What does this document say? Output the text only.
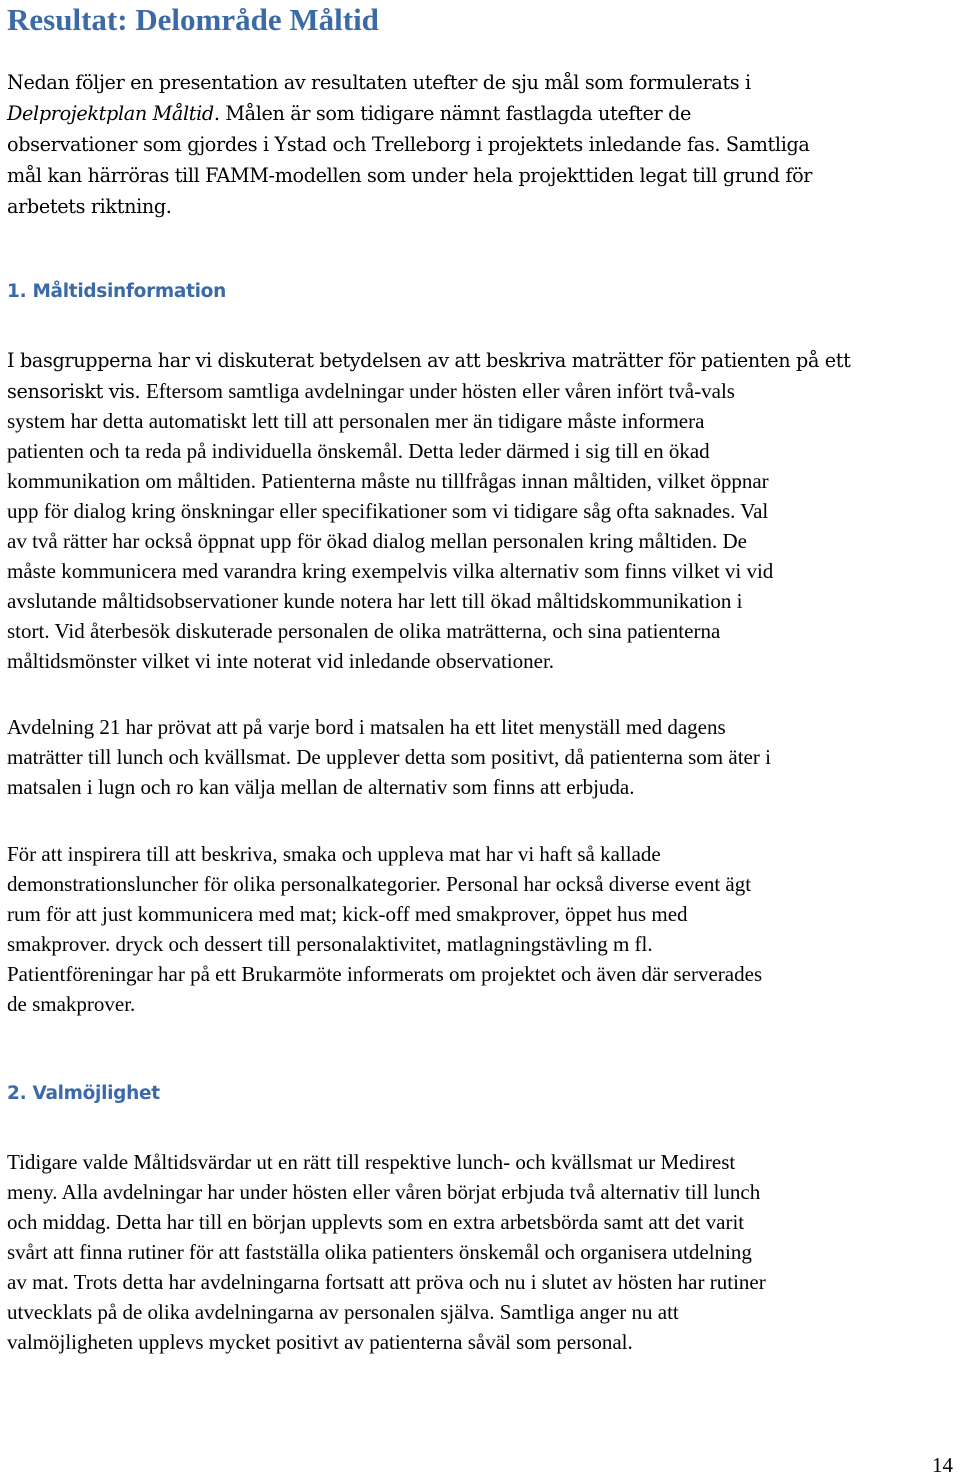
Resultat: Delområde Måltid

Nedan följer en presentation av resultaten utefter de sju mål som formulerats i
Delprojektplan Måltid. Målen är som tidigare nämnt fastlagda utefter de
observationer som gjordes i Ystad och Trelleborg i projektets inledande fas. Samtliga
mål kan härröras till FAMM-modellen som under hela projekttiden legat till grund för
arbetets riktning.

1. Måltidsinformation

I basgrupperna har vi diskuterat betydelsen av att beskriva maträtter för patienten på ett
sensoriskt vis. Eftersom samtliga avdelningar under hösten eller våren infört två-vals

system har detta automatiskt lett till att personalen mer än tidigare måste informera
patienten och ta reda på individuella önskemål. Detta leder därmed i sig till en ökad
kommunikation om måltiden. Patienterna måste nu tillfrågas innan måltiden, vilket öppnar
upp för dialog kring önskningar eller specifikationer som vi tidigare såg ofta saknades. Val
av två rätter har också öppnat upp för ökad dialog mellan personalen kring måltiden. De
måste kommunicera med varandra kring exempelvis vilka alternativ som finns vilket vi vid
avslutande måltidsobservationer kunde notera har lett till ökad måltidskommunikation i
stort. Vid återbesök diskuterade personalen de olika maträtterna, och sina patienterna
måltidsmönster vilket vi inte noterat vid inledande observationer.

Avdelning 21 har prövat att på varje bord i matsalen ha ett litet menyställ med dagens
maträtter till lunch och kvällsmat. De upplever detta som positivt, då patienterna som äter i
matsalen i lugn och ro kan välja mellan de alternativ som finns att erbjuda.

För att inspirera till att beskriva, smaka och uppleva mat har vi haft så kallade
demonstrationsluncher för olika personalkategorier. Personal har också diverse event ägt
rum för att just kommunicera med mat; kick-off med smakprover, öppet hus med
smakprover. dryck och dessert till personalaktivitet, matlagningstävling m fl.
Patientföreningar har på ett Brukarmöte informerats om projektet och även där serverades
de smakprover.

2. Valmöjlighet

Tidigare valde Måltidsvärdar ut en rätt till respektive lunch- och kvällsmat ur Medirest
meny. Alla avdelningar har under hösten eller våren börjat erbjuda två alternativ till lunch
och middag. Detta har till en början upplevts som en extra arbetsbörda samt att det varit
svårt att finna rutiner för att fastställa olika patienters önskemål och organisera utdelning
av mat. Trots detta har avdelningarna fortsatt att pröva och nu i slutet av hösten har rutiner
utvecklats på de olika avdelningarna av personalen själva. Samtliga anger nu att
valmöjligheten upplevs mycket positivt av patienterna såväl som personal.

14
